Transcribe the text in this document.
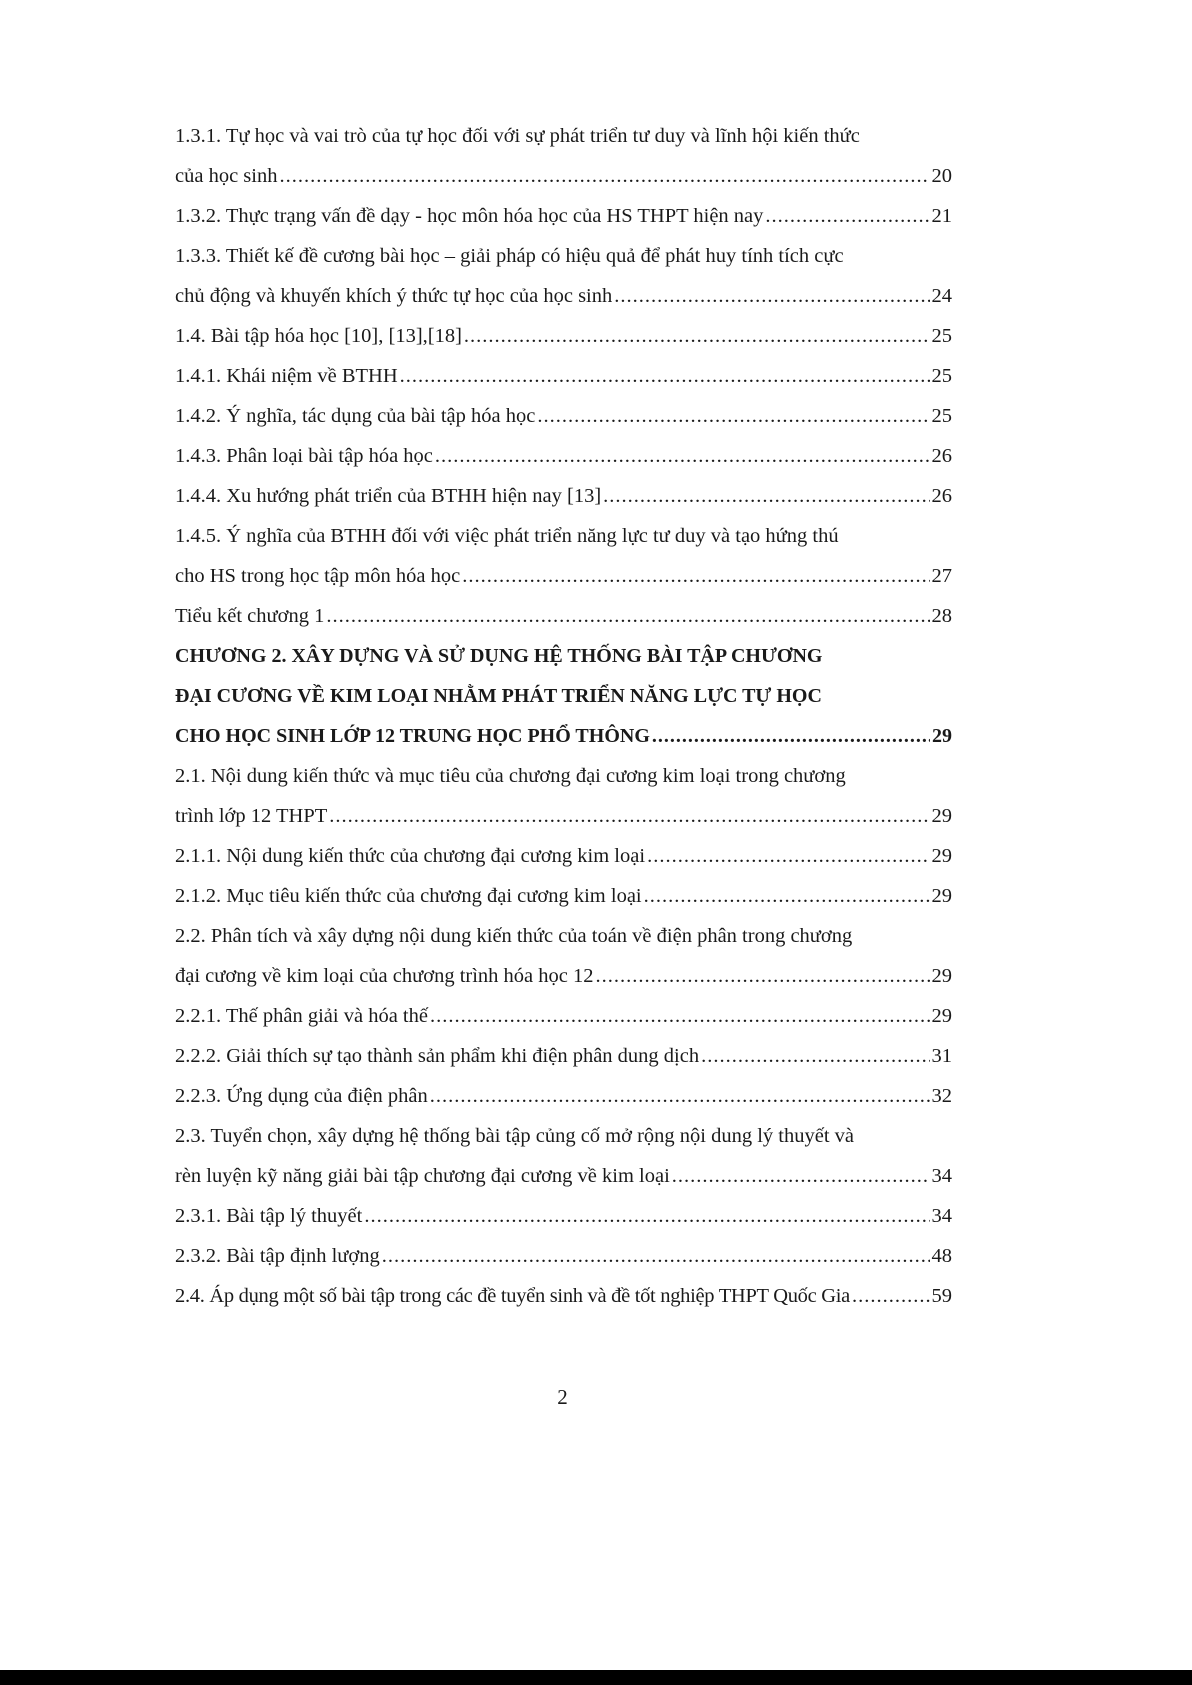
1.3.1. Tự học và vai trò của tự học đối với sự phát triển tư duy và lĩnh hội kiến thức
của học sinh .....	20
1.3.2. Thực trạng vấn đề dạy - học môn hóa học của HS THPT hiện nay .....	21
1.3.3. Thiết kế đề cương bài học – giải pháp có hiệu quả để phát huy tính tích cực
chủ động và khuyến khích ý thức tự học của học sinh .....	24
1.4. Bài tập hóa học [10], [13],[18] .....	25
1.4.1. Khái niệm về BTHH .....	25
1.4.2. Ý nghĩa, tác dụng của bài tập hóa học .....	25
1.4.3. Phân loại bài tập hóa học .....	26
1.4.4. Xu hướng phát triển của BTHH hiện nay [13] .....	26
1.4.5. Ý nghĩa của BTHH đối với việc phát triển năng lực tư duy và tạo hứng thú
cho HS trong học tập môn hóa học .....	27
Tiểu kết chương 1 .....	28
CHƯƠNG 2. XÂY DỰNG VÀ SỬ DỤNG HỆ THỐNG BÀI TẬP CHƯƠNG
ĐẠI CƯƠNG VỀ KIM LOẠI NHẰM PHÁT TRIỂN NĂNG LỰC TỰ HỌC
CHO HỌC SINH LỚP 12 TRUNG HỌC PHỔ THÔNG .....	29
2.1. Nội dung kiến thức và mục tiêu của chương đại cương kim loại trong chương
trình lớp 12 THPT .....	29
2.1.1. Nội dung kiến thức của chương đại cương kim loại .....	29
2.1.2. Mục tiêu kiến thức của chương đại cương kim loại .....	29
2.2. Phân tích và xây dựng nội dung kiến thức của toán về điện phân trong chương
đại cương về kim loại của chương trình hóa học 12 .....	29
2.2.1. Thế phân giải và hóa thế .....	29
2.2.2. Giải thích sự tạo thành sản phẩm khi điện phân dung dịch .....	31
2.2.3. Ứng dụng của điện phân .....	32
2.3. Tuyển chọn, xây dựng hệ thống bài tập củng cố mở rộng nội dung lý thuyết và
rèn luyện kỹ năng giải bài tập chương đại cương về kim loại .....	34
2.3.1. Bài tập lý thuyết .....	34
2.3.2. Bài tập định lượng .....	48
2.4. Áp dụng một số bài tập trong các đề tuyển sinh và đề tốt nghiệp THPT Quốc Gia .....	59
2
